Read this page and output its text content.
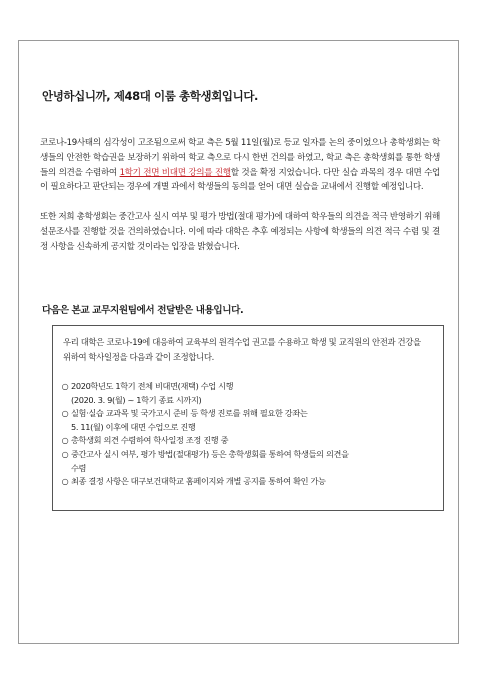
안녕하십니까, 제48대 이룸 총학생회입니다.

코로나-19사태의 심각성이 고조됨으로써 학교 측은 5월 11일(월)로 등교 일자를 논의 중이었으나 총학생회는 학생들의 안전한 학습권을 보장하기 위하여 학교 측으로 다시 한번 건의를 하였고, 학교 측은 총학생회를 통한 학생들의 의견을 수렴하여 1학기 전면 비대면 강의를 진행할 것을 확정 지었습니다. 다만 실습 과목의 경우 대면 수업이 필요하다고 판단되는 경우에 개별 과에서 학생들의 동의를 얻어 대면 실습을 교내에서 진행할 예정입니다.

또한 저희 총학생회는 중간고사 실시 여부 및 평가 방법(절대 평가)에 대하여 학우들의 의견을 적극 반영하기 위해 설문조사를 진행할 것을 건의하였습니다. 이에 따라 대학은 추후 예정되는 사항에 학생들의 의견 적극 수렴 및 결정 사항을 신속하게 공지할 것이라는 입장을 밝혔습니다.

다음은 본교 교무지원팀에서 전달받은 내용입니다.

우리 대학은 코로나-19에 대응하여 교육부의 원격수업 권고를 수용하고 학생 및 교직원의 안전과 건강을 위하여 학사일정을 다음과 같이 조정합니다.

○ 2020학년도 1학기 전체 비대면(재택) 수업 시행
(2020. 3. 9(월) ~ 1학기 종료 시까지)
○ 실험·실습 교과목 및 국가고시 준비 등 학생 진로를 위해 필요한 강좌는
5. 11(월) 이후에 대면 수업으로 진행
○ 총학생회 의견 수렴하여 학사일정 조정 진행 중
○ 중간고사 실시 여부, 평가 방법(절대평가) 등은 총학생회를 통하여 학생들의 의견을
수렴
○ 최종 결정 사항은 대구보건대학교 홈페이지와 개별 공지를 통하여 확인 가능
